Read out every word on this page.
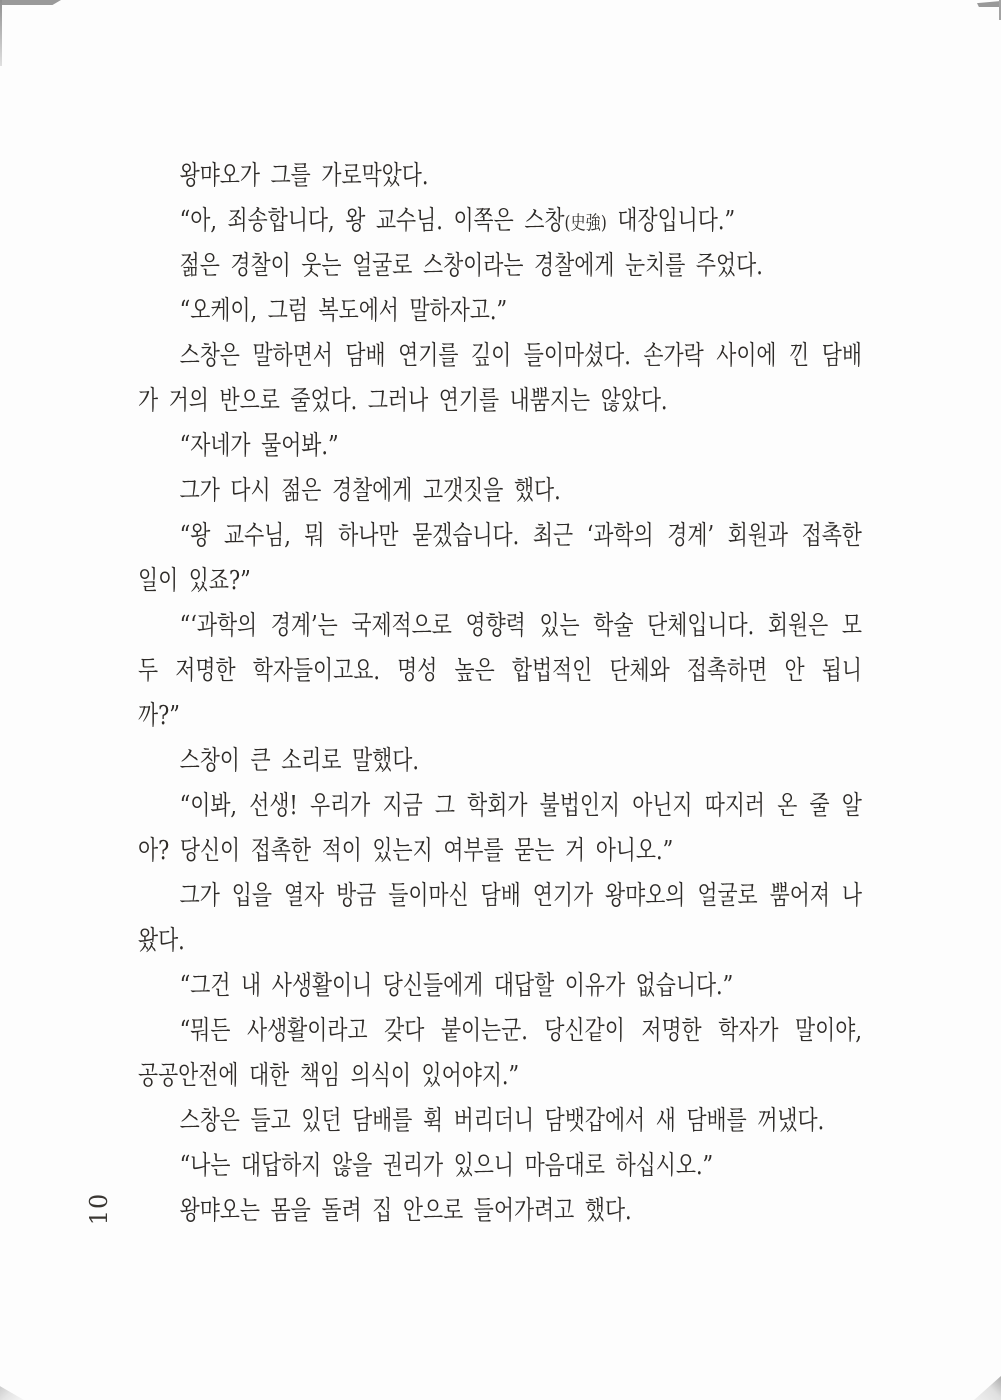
10
왕먀오가 그를 가로막았다.
“아, 죄송합니다, 왕 교수님. 이쪽은 스창(史強) 대장입니다.”
젊은 경찰이 웃는 얼굴로 스창이라는 경찰에게 눈치를 주었다.
“오케이, 그럼 복도에서 말하자고.”
스창은 말하면서 담배 연기를 깊이 들이마셨다. 손가락 사이에 낀 담배
가 거의 반으로 줄었다. 그러나 연기를 내뿜지는 않았다.
“자네가 물어봐.”
그가 다시 젊은 경찰에게 고갯짓을 했다.
“왕 교수님, 뭐 하나만 묻겠습니다. 최근 ‘과학의 경계’ 회원과 접촉한
일이 있죠?”
“‘과학의 경계’는 국제적으로 영향력 있는 학술 단체입니다. 회원은 모
두 저명한 학자들이고요. 명성 높은 합법적인 단체와 접촉하면 안 됩니
까?”
스창이 큰 소리로 말했다.
“이봐, 선생! 우리가 지금 그 학회가 불법인지 아닌지 따지러 온 줄 알
아? 당신이 접촉한 적이 있는지 여부를 묻는 거 아니오.”
그가 입을 열자 방금 들이마신 담배 연기가 왕먀오의 얼굴로 뿜어져 나
왔다.
“그건 내 사생활이니 당신들에게 대답할 이유가 없습니다.”
“뭐든 사생활이라고 갖다 붙이는군. 당신같이 저명한 학자가 말이야,
공공안전에 대한 책임 의식이 있어야지.”
스창은 들고 있던 담배를 휙 버리더니 담뱃갑에서 새 담배를 꺼냈다.
“나는 대답하지 않을 권리가 있으니 마음대로 하십시오.”
왕먀오는 몸을 돌려 집 안으로 들어가려고 했다.
